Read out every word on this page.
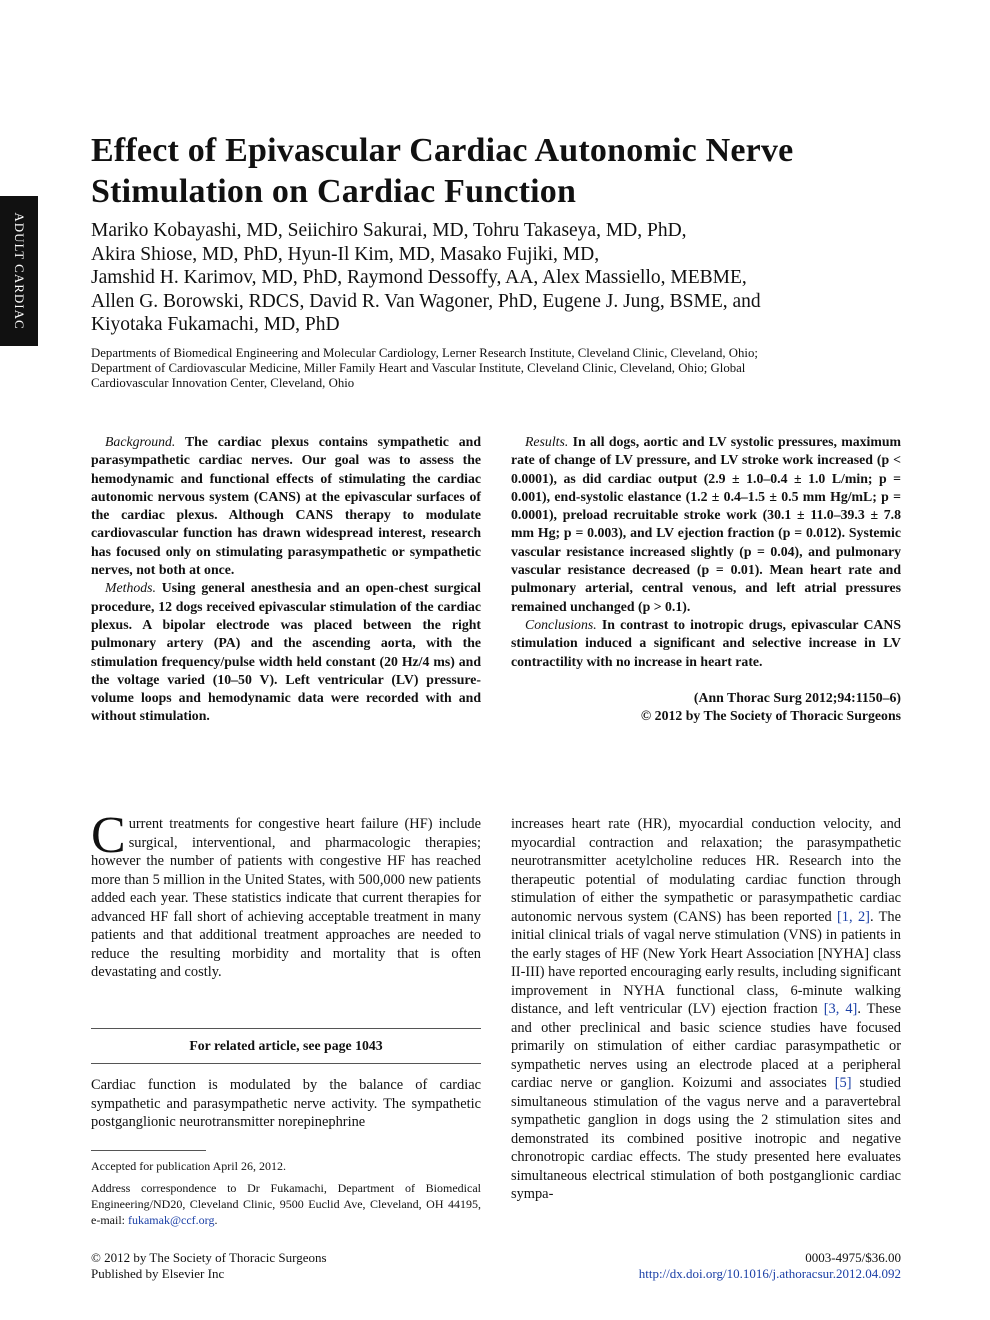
ADULT CARDIAC
Effect of Epivascular Cardiac Autonomic Nerve
Stimulation on Cardiac Function
Mariko Kobayashi, MD, Seiichiro Sakurai, MD, Tohru Takaseya, MD, PhD,
Akira Shiose, MD, PhD, Hyun-Il Kim, MD, Masako Fujiki, MD,
Jamshid H. Karimov, MD, PhD, Raymond Dessoffy, AA, Alex Massiello, MEBME,
Allen G. Borowski, RDCS, David R. Van Wagoner, PhD, Eugene J. Jung, BSME, and
Kiyotaka Fukamachi, MD, PhD
Departments of Biomedical Engineering and Molecular Cardiology, Lerner Research Institute, Cleveland Clinic, Cleveland, Ohio;
Department of Cardiovascular Medicine, Miller Family Heart and Vascular Institute, Cleveland Clinic, Cleveland, Ohio; Global
Cardiovascular Innovation Center, Cleveland, Ohio

Background. The cardiac plexus contains sympathetic and parasympathetic cardiac nerves. Our goal was to assess the hemodynamic and functional effects of stimulating the cardiac autonomic nervous system (CANS) at the epivascular surfaces of the cardiac plexus. Although CANS therapy to modulate cardiovascular function has drawn widespread interest, research has focused only on stimulating parasympathetic or sympathetic nerves, not both at once.

Methods. Using general anesthesia and an open-chest surgical procedure, 12 dogs received epivascular stimulation of the cardiac plexus. A bipolar electrode was placed between the right pulmonary artery (PA) and the ascending aorta, with the stimulation frequency/pulse width held constant (20 Hz/4 ms) and the voltage varied (10–50 V). Left ventricular (LV) pressure-volume loops and hemodynamic data were recorded with and without stimulation.

Results. In all dogs, aortic and LV systolic pressures, maximum rate of change of LV pressure, and LV stroke work increased (p < 0.0001), as did cardiac output (2.9 ± 1.0–0.4 ± 1.0 L/min; p = 0.001), end-systolic elastance (1.2 ± 0.4–1.5 ± 0.5 mm Hg/mL; p = 0.0001), preload recruitable stroke work (30.1 ± 11.0–39.3 ± 7.8 mm Hg; p = 0.003), and LV ejection fraction (p = 0.012). Systemic vascular resistance increased slightly (p = 0.04), and pulmonary vascular resistance decreased (p = 0.01). Mean heart rate and pulmonary arterial, central venous, and left atrial pressures remained unchanged (p > 0.1).

Conclusions. In contrast to inotropic drugs, epivascular CANS stimulation induced a significant and selective increase in LV contractility with no increase in heart rate.

(Ann Thorac Surg 2012;94:1150–6)
© 2012 by The Society of Thoracic Surgeons

Current treatments for congestive heart failure (HF) include surgical, interventional, and pharmacologic therapies; however the number of patients with congestive HF has reached more than 5 million in the United States, with 500,000 new patients added each year. These statistics indicate that current therapies for advanced HF fall short of achieving acceptable treatment in many patients and that additional treatment approaches are needed to reduce the resulting morbidity and mortality that is often devastating and costly.

For related article, see page 1043

Cardiac function is modulated by the balance of cardiac sympathetic and parasympathetic nerve activity. The sympathetic postganglionic neurotransmitter norepinephrine

Accepted for publication April 26, 2012.

Address correspondence to Dr Fukamachi, Department of Biomedical Engineering/ND20, Cleveland Clinic, 9500 Euclid Ave, Cleveland, OH 44195, e-mail: fukamak@ccf.org.

increases heart rate (HR), myocardial conduction velocity, and myocardial contraction and relaxation; the parasympathetic neurotransmitter acetylcholine reduces HR. Research into the therapeutic potential of modulating cardiac function through stimulation of either the sympathetic or parasympathetic cardiac autonomic nervous system (CANS) has been reported [1, 2]. The initial clinical trials of vagal nerve stimulation (VNS) in patients in the early stages of HF (New York Heart Association [NYHA] class II-III) have reported encouraging early results, including significant improvement in NYHA functional class, 6-minute walking distance, and left ventricular (LV) ejection fraction [3, 4]. These and other preclinical and basic science studies have focused primarily on stimulation of either cardiac parasympathetic or sympathetic nerves using an electrode placed at a peripheral cardiac nerve or ganglion. Koizumi and associates [5] studied simultaneous stimulation of the vagus nerve and a paravertebral sympathetic ganglion in dogs using the 2 stimulation sites and demonstrated its combined positive inotropic and negative chronotropic cardiac effects. The study presented here evaluates simultaneous electrical stimulation of both postganglionic cardiac sympa-

© 2012 by The Society of Thoracic Surgeons
Published by Elsevier Inc
0003-4975/$36.00
http://dx.doi.org/10.1016/j.athoracsur.2012.04.092
